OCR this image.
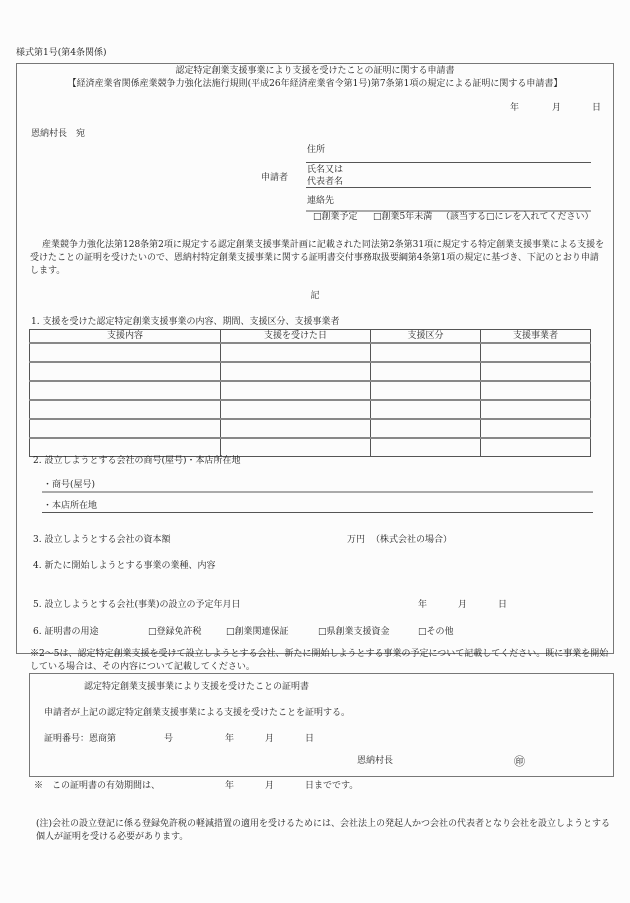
様式第1号(第4条関係)
認定特定創業支援事業により支援を受けたことの証明に関する申請書
【経済産業省関係産業競争力強化法施行規則(平成26年経済産業省令第1号)第7条第1項の規定による証明に関する申請書】
年	月	日
恩納村長　宛
住所
申請者
氏名又は
代表者名
連絡先
□創業予定 □創業5年未満 （該当する□にレを入れてください）
産業競争力強化法第128条第2項に規定する認定創業支援事業計画に記載された同法第2条第31項に規定する特定創業支援事業による支援を受けたことの証明を受けたいので、恩納村特定創業支援事業に関する証明書交付事務取扱要綱第4条第1項の規定に基づき、下記のとおり申請します。
記
1. 支援を受けた認定特定創業支援事業の内容、期間、支援区分、支援事業者
支援内容	支援を受けた日	支援区分	支援事業者

2. 設立しようとする会社の商号(屋号)・本店所在地
・商号(屋号)
・本店所在地
3. 設立しようとする会社の資本額	万円 （株式会社の場合）
4. 新たに開始しようとする事業の業種、内容
5. 設立しようとする会社(事業)の設立の予定年月日	年	月	日
6. 証明書の用途	□登録免許税	□創業関連保証	□県創業支援資金	□その他
※2～5は、認定特定創業支援を受けて設立しようとする会社、新たに開始しようとする事業の予定について記載してください。既に事業を開始している場合は、その内容について記載してください。
認定特定創業支援事業により支援を受けたことの証明書
申請者が上記の認定特定創業支援事業による支援を受けたことを証明する。
証明番号：恩商第	号	年	月	日
恩納村長	㊞
※　この証明書の有効期間は、	年	月	日までです。
(注)会社の設立登記に係る登録免許税の軽減措置の適用を受けるためには、会社法上の発起人かつ会社の代表者となり会社を設立しようとする個人が証明を受ける必要があります。
